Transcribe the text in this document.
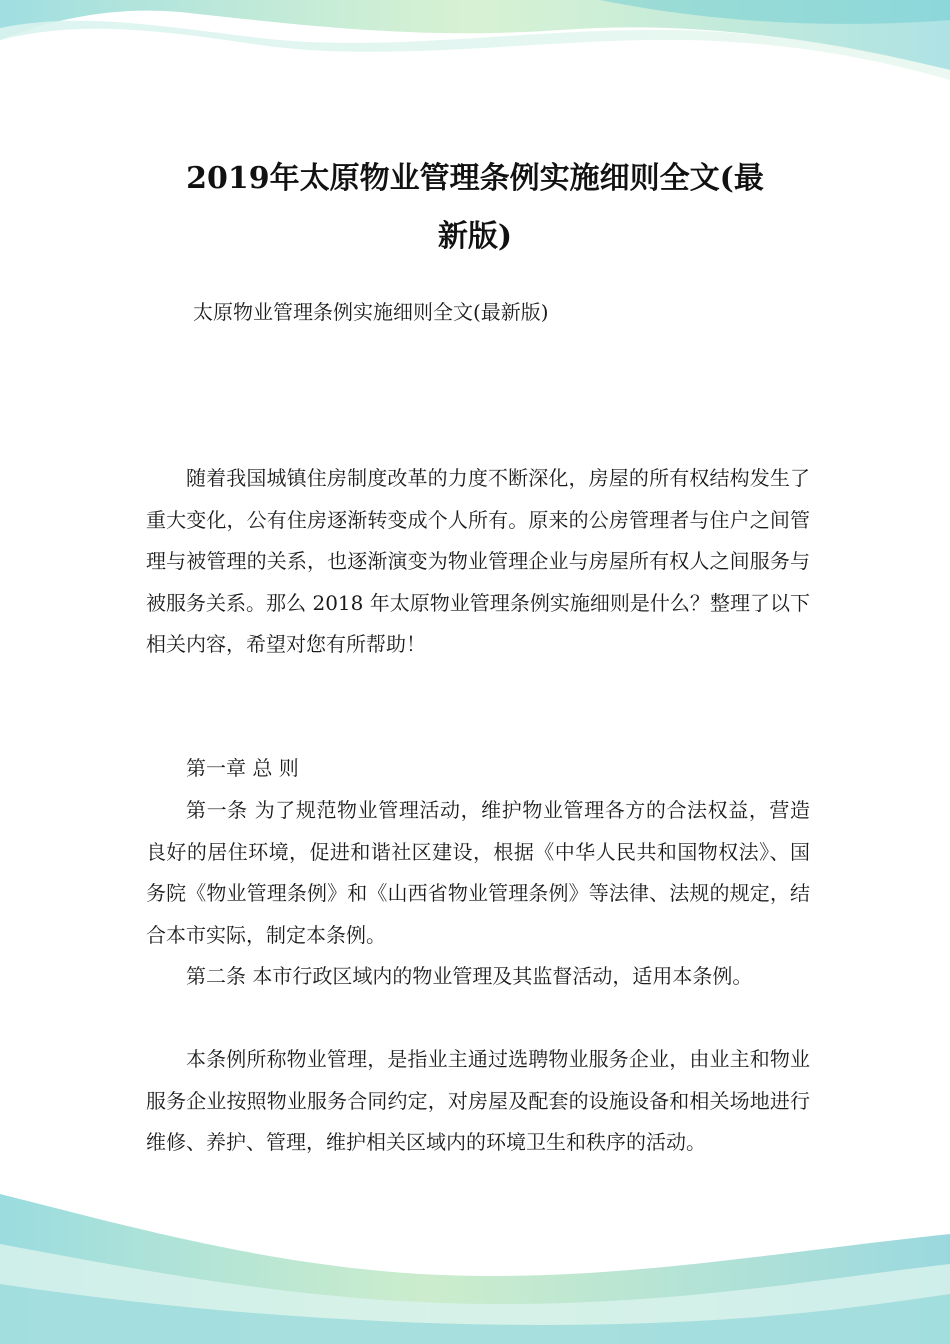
2019年太原物业管理条例实施细则全文(最
新版)

太原物业管理条例实施细则全文(最新版)

随着我国城镇住房制度改革的力度不断深化，房屋的所有权结构发生了重大变化，公有住房逐渐转变成个人所有。原来的公房管理者与住户之间管理与被管理的关系，也逐渐演变为物业管理企业与房屋所有权人之间服务与被服务关系。那么 2018 年太原物业管理条例实施细则是什么？整理了以下相关内容，希望对您有所帮助！

第一章 总 则

第一条 为了规范物业管理活动，维护物业管理各方的合法权益，营造良好的居住环境，促进和谐社区建设，根据《中华人民共和国物权法》、国务院《物业管理条例》和《山西省物业管理条例》等法律、法规的规定，结合本市实际，制定本条例。

第二条 本市行政区域内的物业管理及其监督活动，适用本条例。

本条例所称物业管理，是指业主通过选聘物业服务企业，由业主和物业服务企业按照物业服务合同约定，对房屋及配套的设施设备和相关场地进行维修、养护、管理，维护相关区域内的环境卫生和秩序的活动。
